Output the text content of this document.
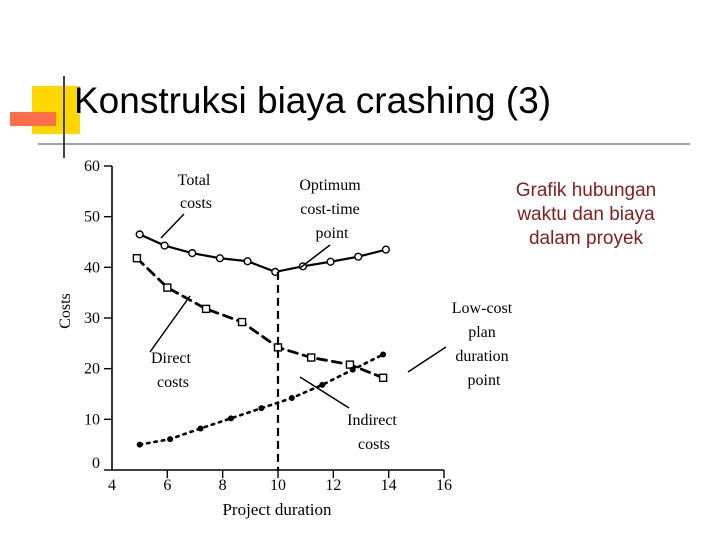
Konstruksi biaya crashing (3)
Grafik hubungan waktu dan biaya dalam proyek
0
10
20
30
40
50
60
4	6	8	10 12 14 16
Costs
Project duration
Total costs
Optimum cost-time point
Direct costs
Indirect costs
Low-cost plan duration point
